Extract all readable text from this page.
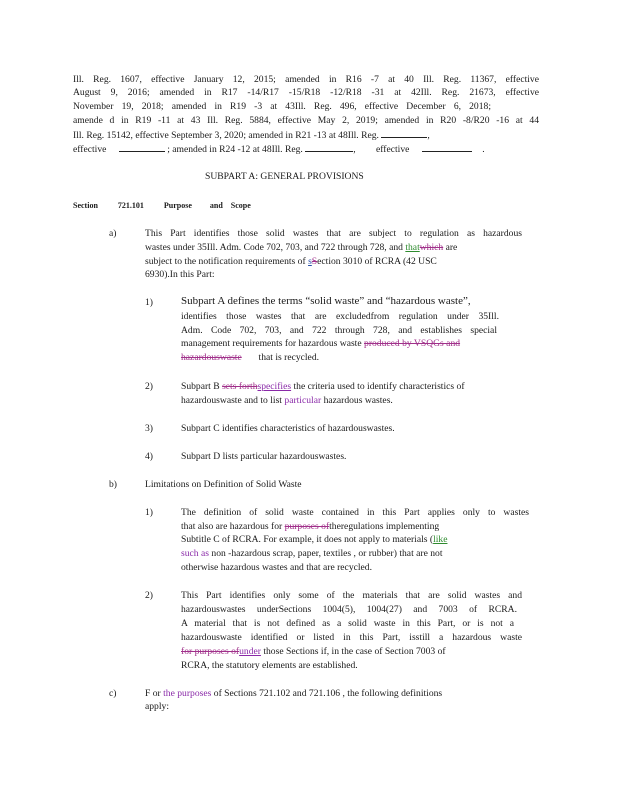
Ill. Reg. 1607, effective January 12, 2015; amended in R16 -7 at 40 Ill. Reg. 11367, effective
August 9, 2016; amended in R17 -14/R17 -15/R18 -12/R18 -31 at 42Ill. Reg. 21673, effective
November 19, 2018; amended in R19 -3 at 43Ill. Reg. 496, effective December 6, 2018;
amende d in R19 -11 at 43 Ill. Reg. 5884, effective May 2, 2019; amended in R20 -8/R20 -16 at 44
Ill. Reg. 15142, effective September 3, 2020; amended in R21 -13 at 48Ill. Reg.	,
effective	; amended in R24 -12 at 48Ill. Reg.	, effective	.
SUBPART A: GENERAL PROVISIONS
Section	721.101	Purpose         and    Scope
a)	This Part identifies those solid wastes that are subject to regulation as hazardous
wastes under 35Ill. Adm. Code 702, 703, and 722 through 728, and thatwhich are
subject to the notification requirements of sSection 3010 of RCRA (42 USC
6930).In this Part:
1)	Subpart A defines the terms “solid waste” and “hazardous waste”,
identifies those wastes that are excludedfrom regulation under 35Ill.
Adm. Code 702, 703, and 722 through 728, and establishes special
management requirements for hazardous waste produced by VSQGs and
hazardouswaste that is recycled.
2)	Subpart B sets forthspecifies the criteria used to identify characteristics of
hazardouswaste and to list particular hazardous wastes.
3)	Subpart C identifies characteristics of hazardouswastes.
4)	Subpart D lists particular hazardouswastes.
b)	Limitations on Definition of Solid Waste
1)	The definition of solid waste contained in this Part applies only to wastes
that also are hazardous for purposes oftheregulations implementing
Subtitle C of RCRA. For example, it does not apply to materials (like
such as non -hazardous scrap, paper, textiles , or rubber) that are not
otherwise hazardous wastes and that are recycled.
2)	This Part identifies only some of the materials that are solid wastes and
hazardouswastes underSections 1004(5), 1004(27) and 7003 of RCRA.
A material that is not defined as a solid waste in this Part, or is not a
hazardouswaste identified or listed in this Part, isstill a hazardous waste
for purposes ofunder those Sections if, in the case of Section 7003 of
RCRA, the statutory elements are established.
c)	F or the purposes of Sections 721.102 and 721.106 , the following definitions
apply:
